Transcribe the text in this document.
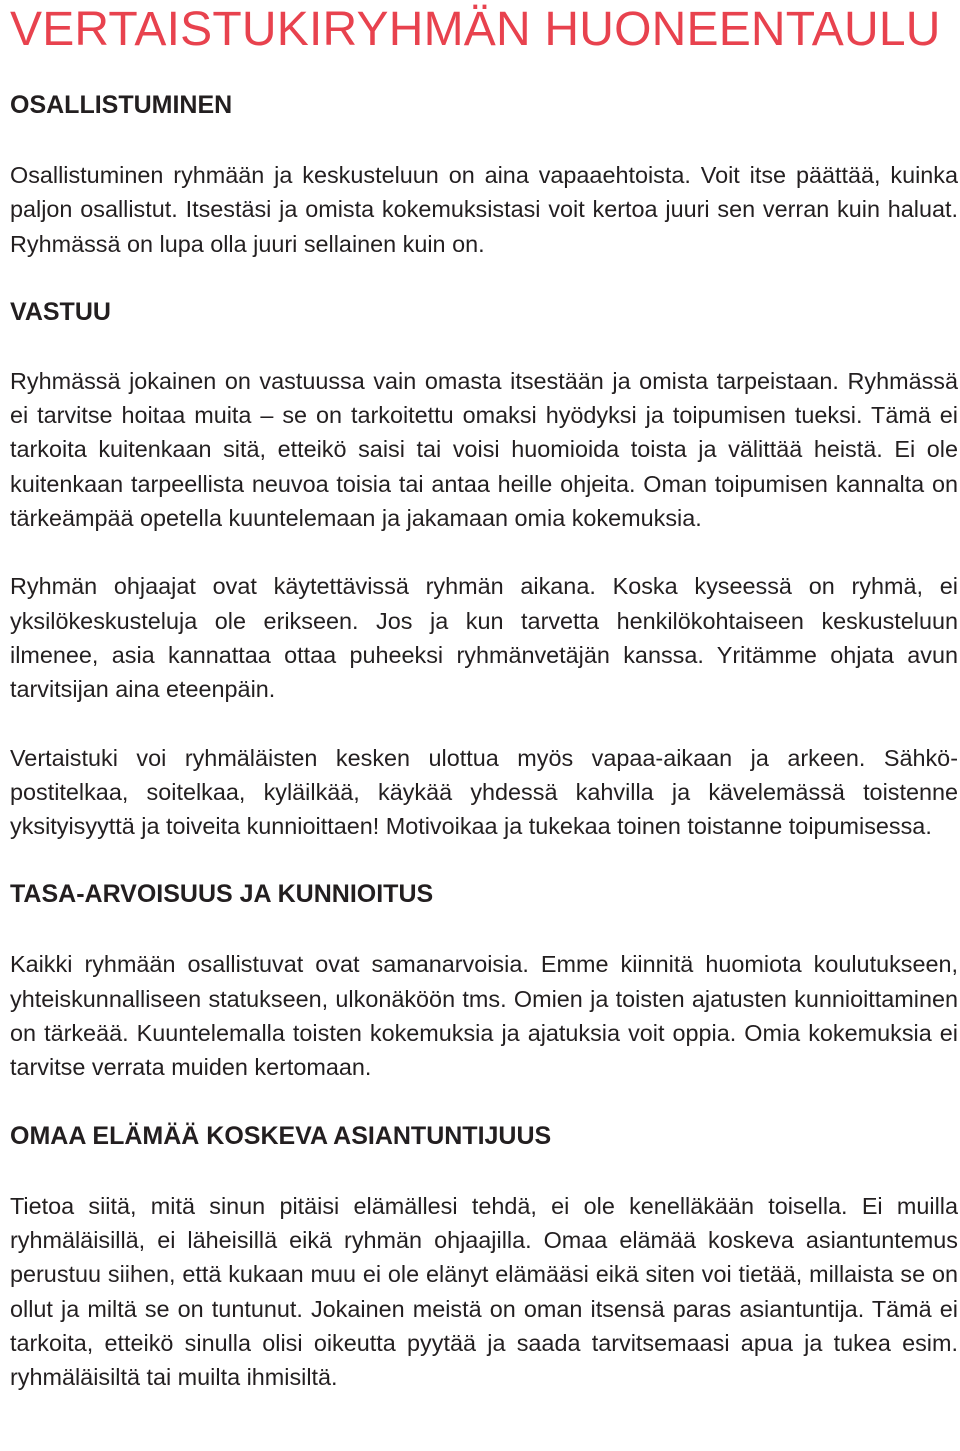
VERTAISTUKIRYHMÄN HUONEENTAULU
OSALLISTUMINEN

Osallistuminen ryhmään ja keskusteluun on aina vapaaehtoista. Voit itse päättää, kuinka paljon osallistut. Itsestäsi ja omista kokemuksistasi voit kertoa juuri sen verran kuin haluat. Ryhmässä on lupa olla juuri sellainen kuin on.

VASTUU

Ryhmässä jokainen on vastuussa vain omasta itsestään ja omista tarpeistaan. Ryhmässä ei tarvitse hoitaa muita – se on tarkoitettu omaksi hyödyksi ja toipumisen tueksi. Tämä ei tarkoita kuitenkaan sitä, etteikö saisi tai voisi huomioida toista ja välittää heistä. Ei ole kuitenkaan tarpeellista neuvoa toisia tai antaa heille ohjeita. Oman toipumisen kannalta on tärkeämpää opetella kuuntelemaan ja jakamaan omia kokemuksia.

Ryhmän ohjaajat ovat käytettävissä ryhmän aikana. Koska kyseessä on ryhmä, ei yksilökeskusteluja ole erikseen. Jos ja kun tarvetta henkilökohtaiseen keskusteluun ilmenee, asia kannattaa ottaa puheeksi ryhmänvetäjän kanssa. Yritämme ohjata avun tarvitsijan aina eteenpäin.

Vertaistuki voi ryhmäläisten kesken ulottua myös vapaa-aikaan ja arkeen. Sähköpostitelkaa, soitelkaa, kyläilkää, käykää yhdessä kahvilla ja kävelemässä toistenne yksityisyyttä ja toiveita kunnioittaen! Motivoikaa ja tukekaa toinen toistanne toipumisessa.

TASA-ARVOISUUS JA KUNNIOITUS

Kaikki ryhmään osallistuvat ovat samanarvoisia. Emme kiinnitä huomiota koulutukseen, yhteiskunnalliseen statukseen, ulkonäköön tms. Omien ja toisten ajatusten kunnioittaminen on tärkeää. Kuuntelemalla toisten kokemuksia ja ajatuksia voit oppia. Omia kokemuksia ei tarvitse verrata muiden kertomaan.

OMAA ELÄMÄÄ KOSKEVA ASIANTUNTIJUUS

Tietoa siitä, mitä sinun pitäisi elämällesi tehdä, ei ole kenelläkään toisella. Ei muilla ryhmäläisillä, ei läheisillä eikä ryhmän ohjaajilla. Omaa elämää koskeva asiantuntemus perustuu siihen, että kukaan muu ei ole elänyt elämääsi eikä siten voi tietää, millaista se on ollut ja miltä se on tuntunut. Jokainen meistä on oman itsensä paras asiantuntija. Tämä ei tarkoita, etteikö sinulla olisi oikeutta pyytää ja saada tarvitsemaasi apua ja tukea esim. ryhmäläisiltä tai muilta ihmisiltä.
